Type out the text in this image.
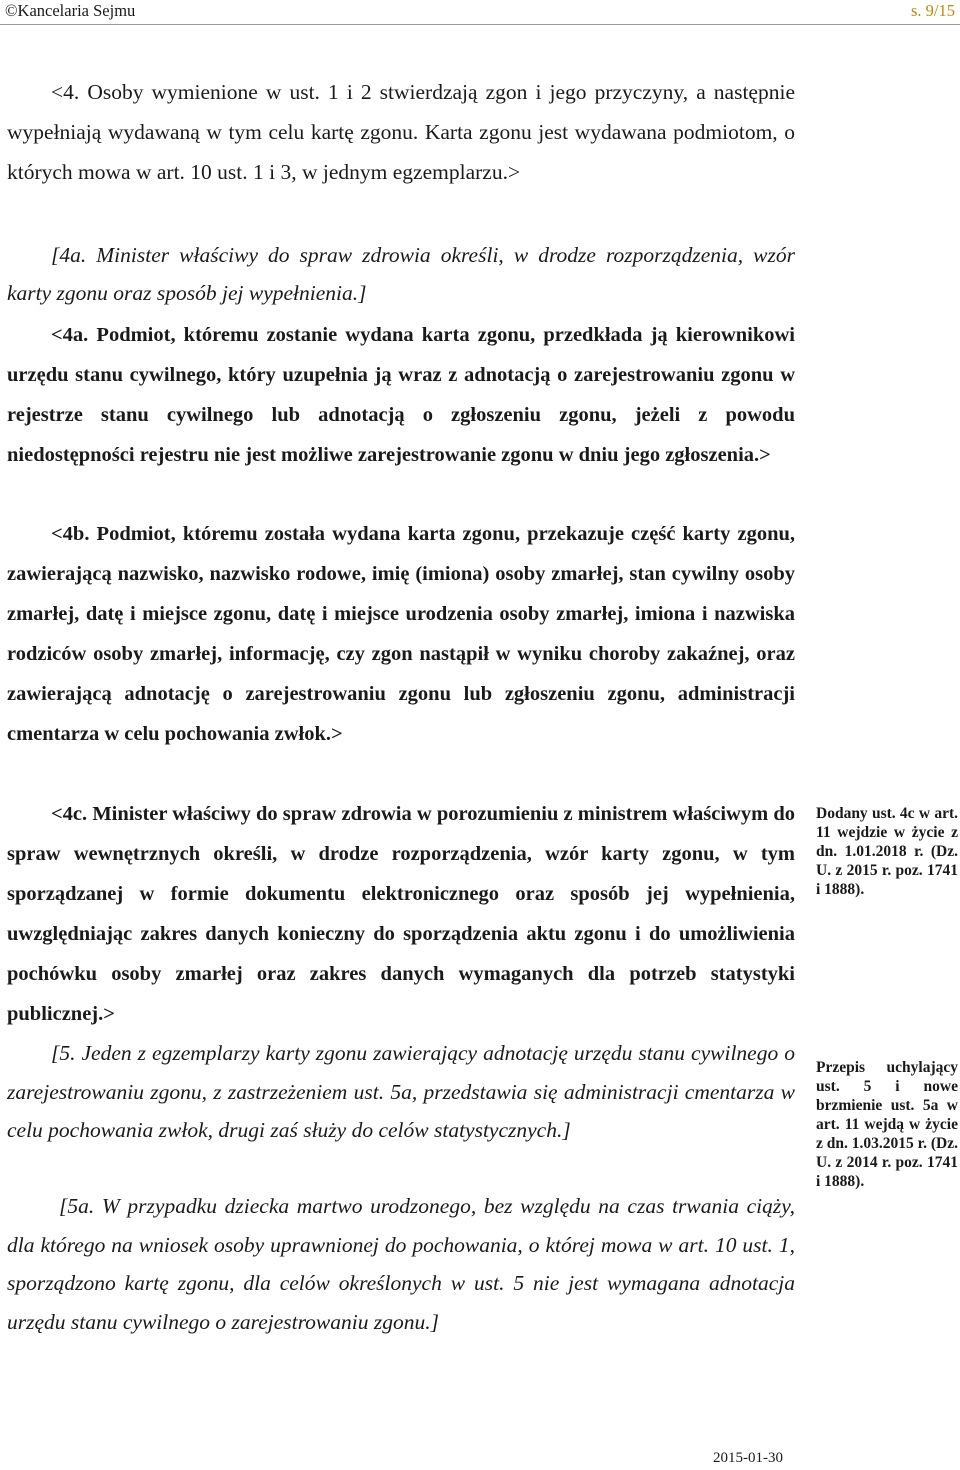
©Kancelaria Sejmu	s. 9/15
<4. Osoby wymienione w ust. 1 i 2 stwierdzają zgon i jego przyczyny, a następnie wypełniają wydawaną w tym celu kartę zgonu. Karta zgonu jest wydawana podmiotom, o których mowa w art. 10 ust. 1 i 3, w jednym egzemplarzu.>
[4a. Minister właściwy do spraw zdrowia określi, w drodze rozporządzenia, wzór karty zgonu oraz sposób jej wypełnienia.]
<4a. Podmiot, któremu zostanie wydana karta zgonu, przedkłada ją kierownikowi urzędu stanu cywilnego, który uzupełnia ją wraz z adnotacją o zarejestrowaniu zgonu w rejestrze stanu cywilnego lub adnotacją o zgłoszeniu zgonu, jeżeli z powodu niedostępności rejestru nie jest możliwe zarejestrowanie zgonu w dniu jego zgłoszenia.>
<4b. Podmiot, któremu została wydana karta zgonu, przekazuje część karty zgonu, zawierającą nazwisko, nazwisko rodowe, imię (imiona) osoby zmarłej, stan cywilny osoby zmarłej, datę i miejsce zgonu, datę i miejsce urodzenia osoby zmarłej, imiona i nazwiska rodziców osoby zmarłej, informację, czy zgon nastąpił w wyniku choroby zakaźnej, oraz zawierającą adnotację o zarejestrowaniu zgonu lub zgłoszeniu zgonu, administracji cmentarza w celu pochowania zwłok.>
<4c. Minister właściwy do spraw zdrowia w porozumieniu z ministrem właściwym do spraw wewnętrznych określi, w drodze rozporządzenia, wzór karty zgonu, w tym sporządzanej w formie dokumentu elektronicznego oraz sposób jej wypełnienia, uwzględniając zakres danych konieczny do sporządzenia aktu zgonu i do umożliwienia pochówku osoby zmarłej oraz zakres danych wymaganych dla potrzeb statystyki publicznej.>
[5. Jeden z egzemplarzy karty zgonu zawierający adnotację urzędu stanu cywilnego o zarejestrowaniu zgonu, z zastrzeżeniem ust. 5a, przedstawia się administracji cmentarza w celu pochowania zwłok, drugi zaś służy do celów statystycznych.]
[5a. W przypadku dziecka martwo urodzonego, bez względu na czas trwania ciąży, dla którego na wniosek osoby uprawnionej do pochowania, o której mowa w art. 10 ust. 1, sporządzono kartę zgonu, dla celów określonych w ust. 5 nie jest wymagana adnotacja urzędu stanu cywilnego o zarejestrowaniu zgonu.]
Dodany ust. 4c w art. 11 wejdzie w życie z dn. 1.01.2018 r. (Dz. U. z 2015 r. poz. 1741 i 1888).
Przepis uchylający ust. 5 i nowe brzmienie ust. 5a w art. 11 wejdą w życie z dn. 1.03.2015 r. (Dz. U. z 2014 r. poz. 1741 i 1888).
2015-01-30
